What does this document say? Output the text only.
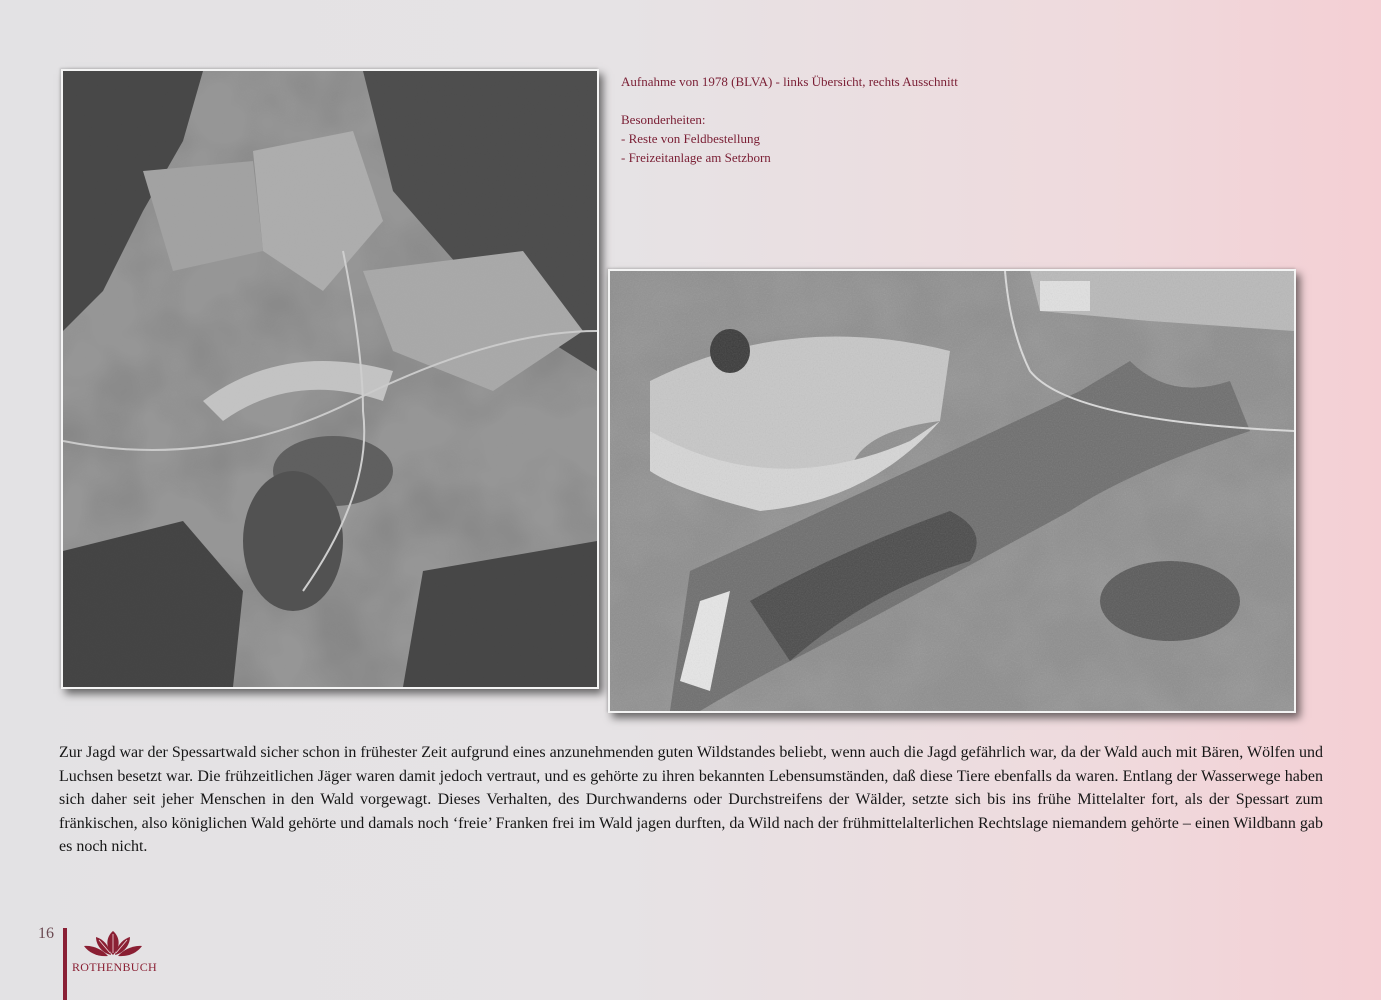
Aufnahme von 1978 (BLVA) - links Übersicht, rechts Ausschnitt

Besonderheiten:

- Reste von Feldbestellung

- Freizeitanlage am Setzborn

Zur Jagd war der Spessartwald sicher schon in frühester Zeit aufgrund eines anzunehmenden guten Wildstandes beliebt, wenn auch die Jagd gefährlich war, da der Wald auch mit Bären, Wölfen und Luchsen besetzt war. Die frühzeitlichen Jäger waren damit jedoch vertraut, und es gehörte zu ihren bekannten Lebensumständen, daß diese Tiere ebenfalls da waren. Entlang der Wasserwege haben sich daher seit jeher Menschen in den Wald vorgewagt. Dieses Verhalten, des Durchwanderns oder Durchstreifens der Wälder, setzte sich bis ins frühe Mittelalter fort, als der Spessart zum fränkischen, also königlichen Wald gehörte und damals noch ‘freie’ Franken frei im Wald jagen durften, da Wild nach der frühmittelalterlichen Rechtslage niemandem gehörte – einen Wildbann gab es noch nicht.
16
ROTHENBUCH
